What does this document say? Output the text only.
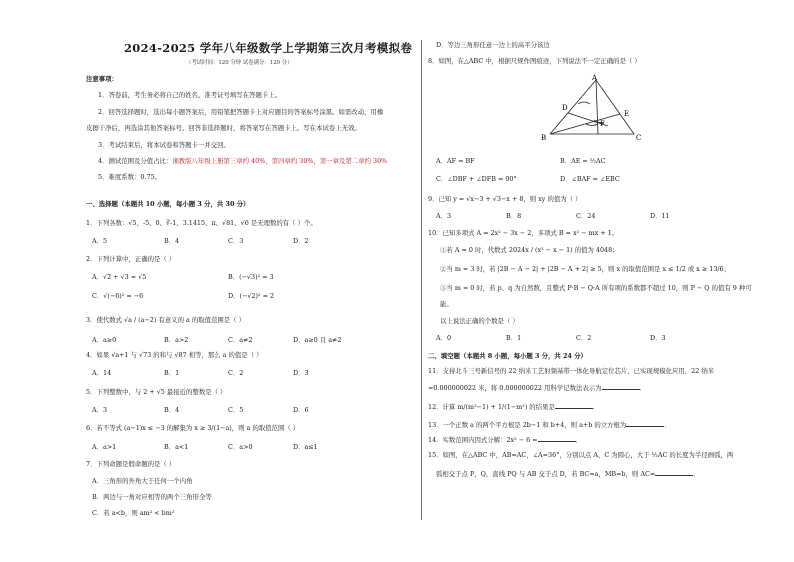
2024-2025 学年八年级数学上学期第三次月考模拟卷
（考试时间：120 分钟 试卷满分：120 分）
注意事项：
1．答卷前，考生务必将自己的姓名、准考证号填写在答题卡上。
2．回答选择题时，选出每小题答案后，用铅笔把答题卡上对应题目的答案标号涂黑。如需改动，用橡
皮擦干净后，再选涂其他答案标号。回答非选择题时，将答案写在答题卡上。写在本试卷上无效。
3．考试结束后，将本试卷和答题卡一并交回。
4．测试范围及分值占比：湘教版八年级上册第三章约 40%，第四章约 30%，第一章及第二章约 30%
5．难度系数：0.75。
一、选择题（本题共 10 小题，每小题 3 分，共 30 分）
1．下列各数：√5、-5、0、∛-1、3.1415、π、√81、√6 是无理数的有（ ）个。
A．5	B．4	C．3	D．2
2．下列计算中，正确的是（ ）
A．√2 + √3 = √5	B．(−√3)² = 3
C．√(−6)² = −6	D．(−√2)² = 2
3．使代数式 √a / (a−2) 有意义的 a 的取值范围是（ ）
A．a≥0	B．a>2	C．a≠2	D．a≥0 且 a≠2
4．如果 √a+1 与 √73 的和与 √87 相等，那么 a 的值是（ ）
A．14	B．1	C．2	D．3
5．下列整数中，与 2 + √5 最接近的整数是（ ）
A．3	B．4	C．5	D．6
6．若不等式 (a−1)x ≤ −3 的解集为 x ≥ 3/(1−a)，则 a 的取值范围（ ）
A．a>1	B．a<1	C．a>0	D．a≤1
7．下列命题是假命题的是（ ）
A．三角形的外角大于任何一个内角
B．两边与一角对应相等的两个三角形全等
C．若 a<b，则 am² < bm²
D．等边三角形任意一边上的高平分该边
8．如图，在△ABC 中，根据尺规作图痕迹，下列说法不一定正确的是（ ）
A
B	C
D
E
F
A．AF = BF	B．AE = ½AC
C．∠DBF + ∠DFB = 90°	D．∠BAF = ∠EBC
9．已知 y = √x−3 + √3−x + 8，则 xy 的值为（ ）
A．3	B．8	C．24	D．11
10．已知多项式 A = 2x² − 3x − 2，多项式 B = x² − mx + 1。
①若 A = 0 时，代数式 2024x / (x² − x − 1) 的值为 4048；
②当 m = 3 时，若 |2B − A − 2| + |2B − A + 2| ≥ 5，则 x 的取值范围是 x ≤ 1/2 或 x ≥ 13/6；
③当 m = 0 时，若 p、q 为自然数，且整式 P·B − Q·A 所有项的系数都不超过 10，则 P − Q 的值有 9 种可
能。
以上说法正确的个数是（ ）
A．0	B．1	C．2	D．3
二、填空题（本题共 8 小题，每小题 3 分，共 24 分）
11．支持北斗三号新信号的 22 纳米工艺射频基带一体化导航定位芯片，已实现规模化应用，22 纳米
=0.000000022 米，将 0.000000022 用科学记数法表示为	．
12．计算 m/(m²−1) + 1/(1−m²) 的结果是	．
13．一个正数 a 的两个平方根是 2b−1 和 b+4，则 a+b 的立方根为	．
14．实数范围内因式分解：2x² − 6 =	．
15．如图，在△ABC 中，AB=AC，∠A=36°，分别以点 A，C 为圆心，大于 ½AC 的长度为半径画弧，两
弧相交于点 P，Q，直线 PQ 与 AB 交于点 D，若 BC=a，MB=b，则 AC=	．
